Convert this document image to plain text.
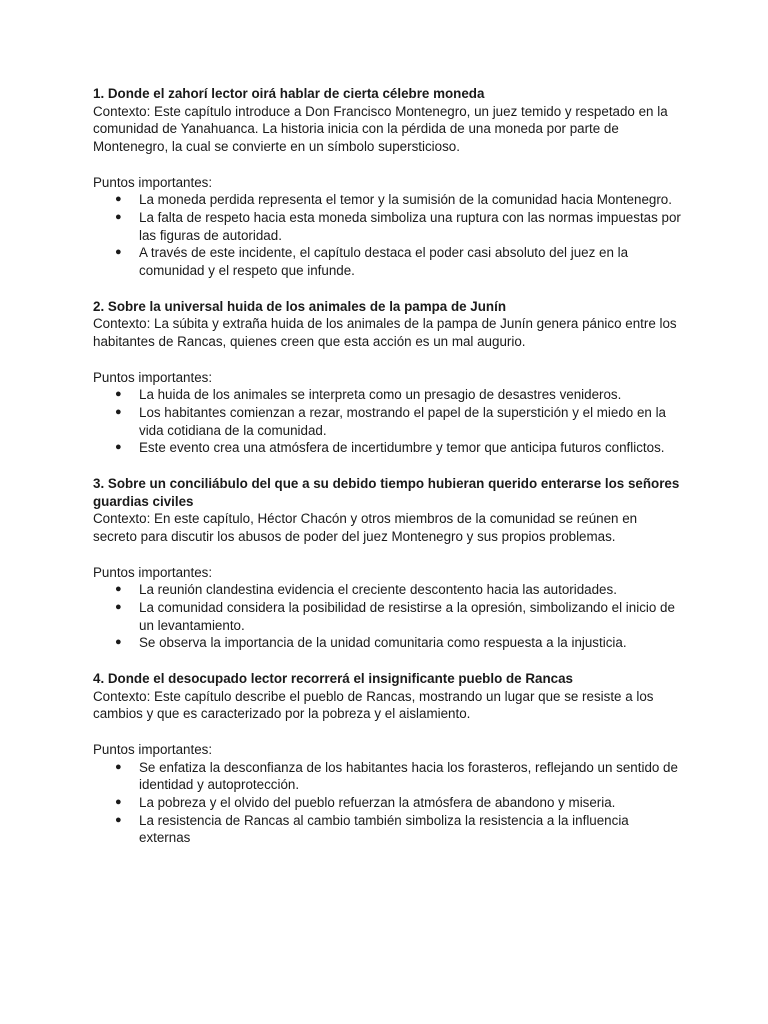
1. Donde el zahorí lector oirá hablar de cierta célebre moneda

Contexto: Este capítulo introduce a Don Francisco Montenegro, un juez temido y respetado en la comunidad de Yanahuanca. La historia inicia con la pérdida de una moneda por parte de Montenegro, la cual se convierte en un símbolo supersticioso.

Puntos importantes:

● La moneda perdida representa el temor y la sumisión de la comunidad hacia Montenegro.
● La falta de respeto hacia esta moneda simboliza una ruptura con las normas impuestas por las figuras de autoridad.
● A través de este incidente, el capítulo destaca el poder casi absoluto del juez en la comunidad y el respeto que infunde.

2. Sobre la universal huida de los animales de la pampa de Junín

Contexto: La súbita y extraña huida de los animales de la pampa de Junín genera pánico entre los habitantes de Rancas, quienes creen que esta acción es un mal augurio.

Puntos importantes:

● La huida de los animales se interpreta como un presagio de desastres venideros.
● Los habitantes comienzan a rezar, mostrando el papel de la superstición y el miedo en la vida cotidiana de la comunidad.
● Este evento crea una atmósfera de incertidumbre y temor que anticipa futuros conflictos.

3. Sobre un conciliábulo del que a su debido tiempo hubieran querido enterarse los señores guardias civiles

Contexto: En este capítulo, Héctor Chacón y otros miembros de la comunidad se reúnen en secreto para discutir los abusos de poder del juez Montenegro y sus propios problemas.

Puntos importantes:

● La reunión clandestina evidencia el creciente descontento hacia las autoridades.
● La comunidad considera la posibilidad de resistirse a la opresión, simbolizando el inicio de un levantamiento.
● Se observa la importancia de la unidad comunitaria como respuesta a la injusticia.

4. Donde el desocupado lector recorrerá el insignificante pueblo de Rancas

Contexto: Este capítulo describe el pueblo de Rancas, mostrando un lugar que se resiste a los cambios y que es caracterizado por la pobreza y el aislamiento.

Puntos importantes:

● Se enfatiza la desconfianza de los habitantes hacia los forasteros, reflejando un sentido de identidad y autoprotección.
● La pobreza y el olvido del pueblo refuerzan la atmósfera de abandono y miseria.
● La resistencia de Rancas al cambio también simboliza la resistencia a la influencia externas
